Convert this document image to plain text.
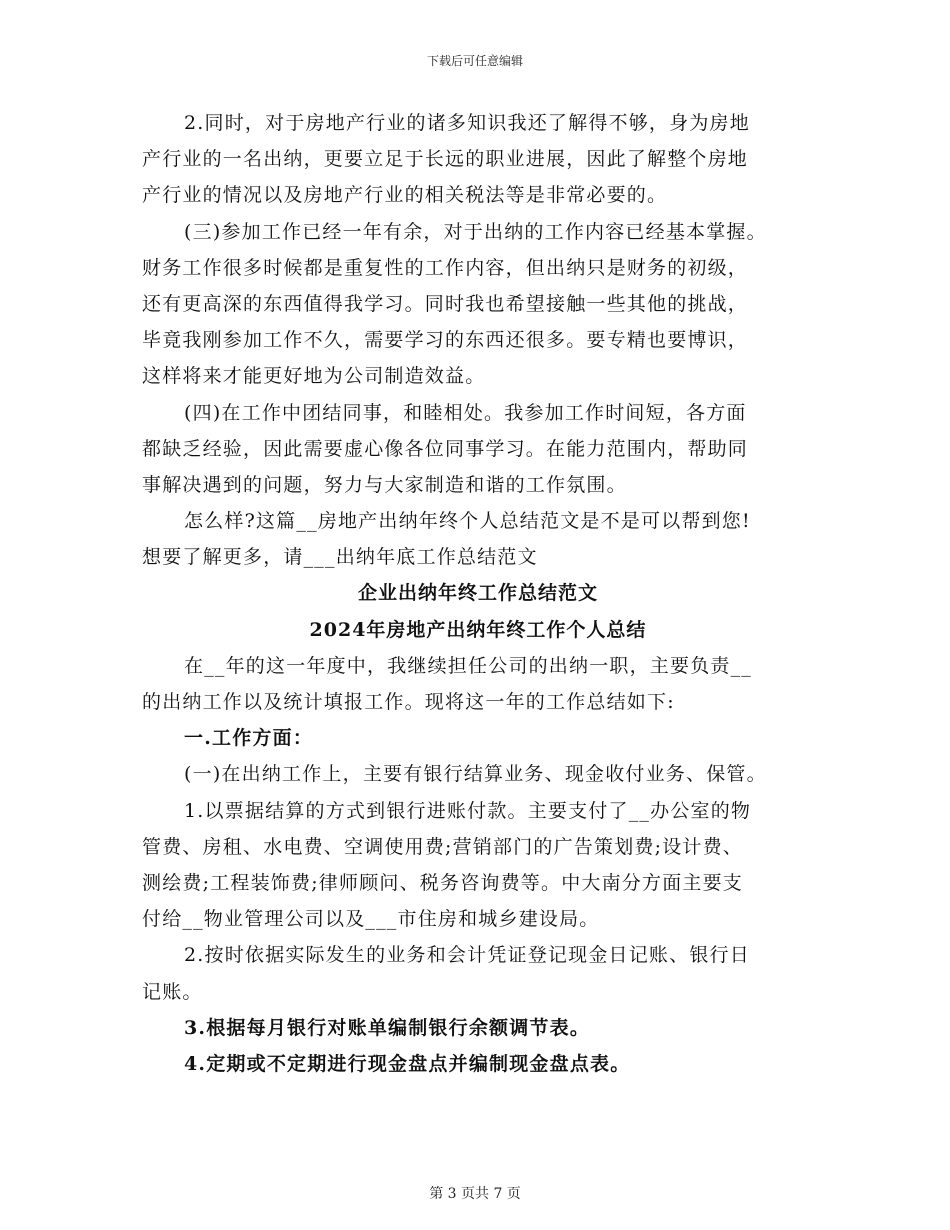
下载后可任意编辑
2.同时，对于房地产行业的诸多知识我还了解得不够，身为房地
产行业的一名出纳，更要立足于长远的职业进展，因此了解整个房地
产行业的情况以及房地产行业的相关税法等是非常必要的。
(三)参加工作已经一年有余，对于出纳的工作内容已经基本掌握。
财务工作很多时候都是重复性的工作内容，但出纳只是财务的初级，
还有更高深的东西值得我学习。同时我也希望接触一些其他的挑战，
毕竟我刚参加工作不久，需要学习的东西还很多。要专精也要博识，
这样将来才能更好地为公司制造效益。
(四)在工作中团结同事，和睦相处。我参加工作时间短，各方面
都缺乏经验，因此需要虚心像各位同事学习。在能力范围内，帮助同
事解决遇到的问题，努力与大家制造和谐的工作氛围。
怎么样?这篇__房地产出纳年终个人总结范文是不是可以帮到您!
想要了解更多，请___出纳年底工作总结范文
企业出纳年终工作总结范文
2024年房地产出纳年终工作个人总结
在__年的这一年度中，我继续担任公司的出纳一职，主要负责__
的出纳工作以及统计填报工作。现将这一年的工作总结如下:
一.工作方面：
(一)在出纳工作上，主要有银行结算业务、现金收付业务、保管。
1.以票据结算的方式到银行进账付款。主要支付了__办公室的物
管费、房租、水电费、空调使用费;营销部门的广告策划费;设计费、
测绘费;工程装饰费;律师顾问、税务咨询费等。中大南分方面主要支
付给__物业管理公司以及___市住房和城乡建设局。
2.按时依据实际发生的业务和会计凭证登记现金日记账、银行日
记账。
3.根据每月银行对账单编制银行余额调节表。
4.定期或不定期进行现金盘点并编制现金盘点表。
第 3 页共 7 页
